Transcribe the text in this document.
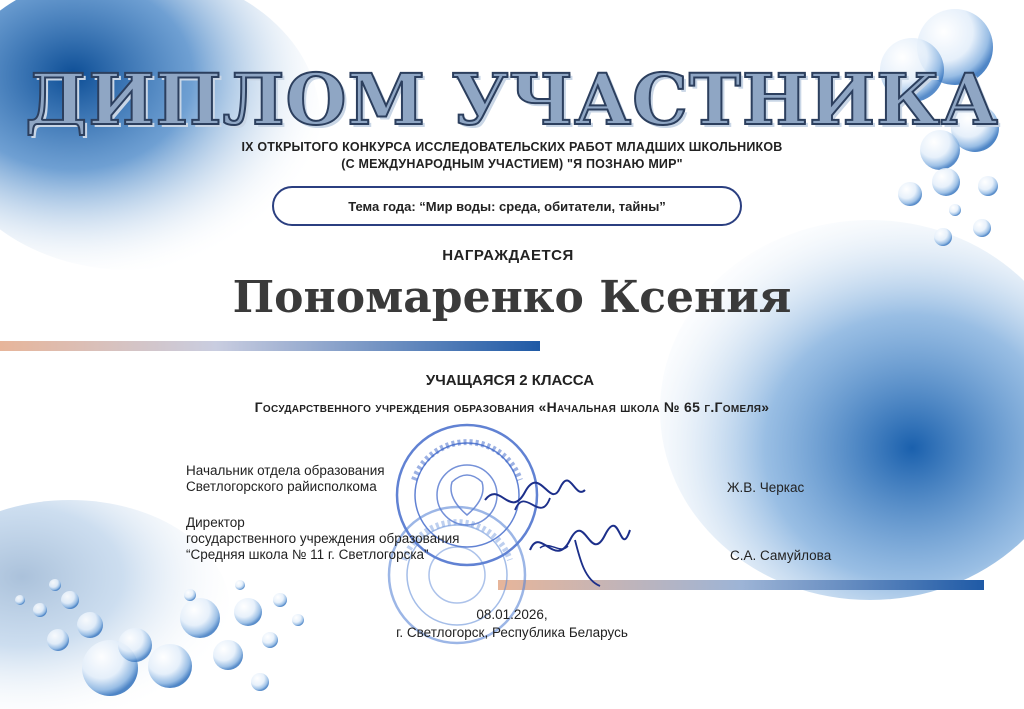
ДИПЛОМ УЧАСТНИКА
IX ОТКРЫТОГО КОНКУРСА ИССЛЕДОВАТЕЛЬСКИХ РАБОТ МЛАДШИХ ШКОЛЬНИКОВ
(С МЕЖДУНАРОДНЫМ УЧАСТИЕМ) "Я ПОЗНАЮ МИР"
Тема года: “Мир воды: среда, обитатели, тайны”
НАГРАЖДАЕТСЯ
Пономаренко Ксения
УЧАЩАЯСЯ 2 КЛАССА
Государственного учреждения образования «Начальная школа № 65 г.Гомеля»
Начальник отдела образования
Светлогорского райисполкома	Ж.В. Черкас
Директор
государственного учреждения образования
“Средняя школа № 11 г. Светлогорска”	С.А. Самуйлова
08.01.2026,
г. Светлогорск, Республика Беларусь
